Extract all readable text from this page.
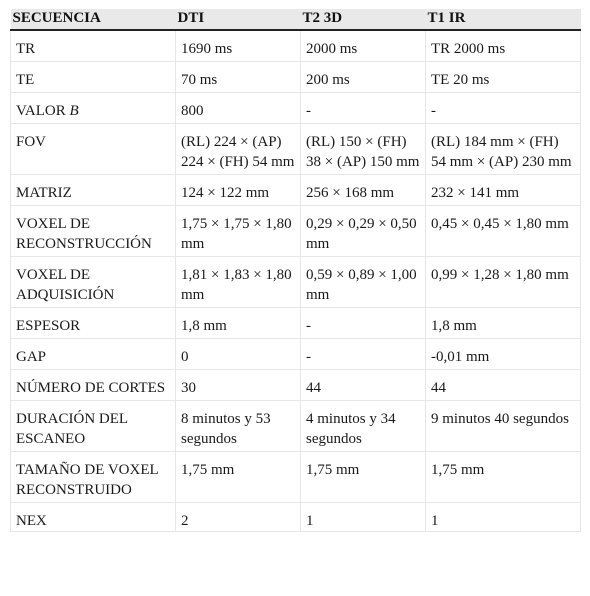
SECUENCIA	DTI	T2 3D	T1 IR
TR	1690 ms	2000 ms	TR 2000 ms
TE	70 ms	200 ms	TE 20 ms
VALOR B	800	-	-
FOV	(RL) 224 × (AP) 224 × (FH) 54 mm	(RL) 150 × (FH) 38 × (AP) 150 mm	(RL) 184 mm × (FH) 54 mm × (AP) 230 mm
MATRIZ	124 × 122 mm	256 × 168 mm	232 × 141 mm
VOXEL DE RECONSTRUCCIÓN	1,75 × 1,75 × 1,80 mm	0,29 × 0,29 × 0,50 mm	0,45 × 0,45 × 1,80 mm
VOXEL DE ADQUISICIÓN	1,81 × 1,83 × 1,80 mm	0,59 × 0,89 × 1,00 mm	0,99 × 1,28 × 1,80 mm
ESPESOR	1,8 mm	-	1,8 mm
GAP	0	-	-0,01 mm
NÚMERO DE CORTES	30	44	44
DURACIÓN DEL ESCANEO	8 minutos y 53 segundos	4 minutos y 34 segundos	9 minutos 40 segundos
TAMAÑO DE VOXEL RECONSTRUIDO	1,75 mm	1,75 mm	1,75 mm
NEX	2	1	1
